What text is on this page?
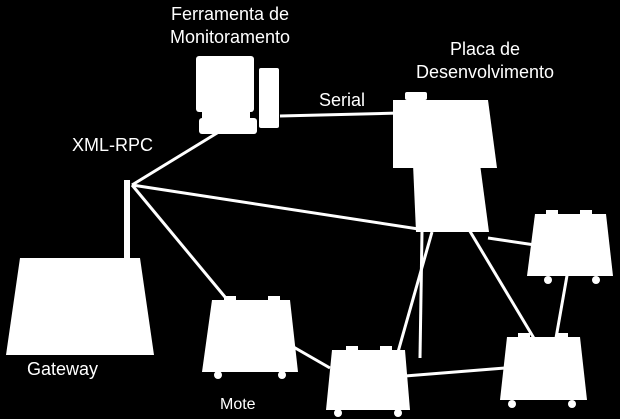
Ferramenta de
Monitoramento
Placa de
Desenvolvimento
Serial
XML-RPC
Gateway
Mote
